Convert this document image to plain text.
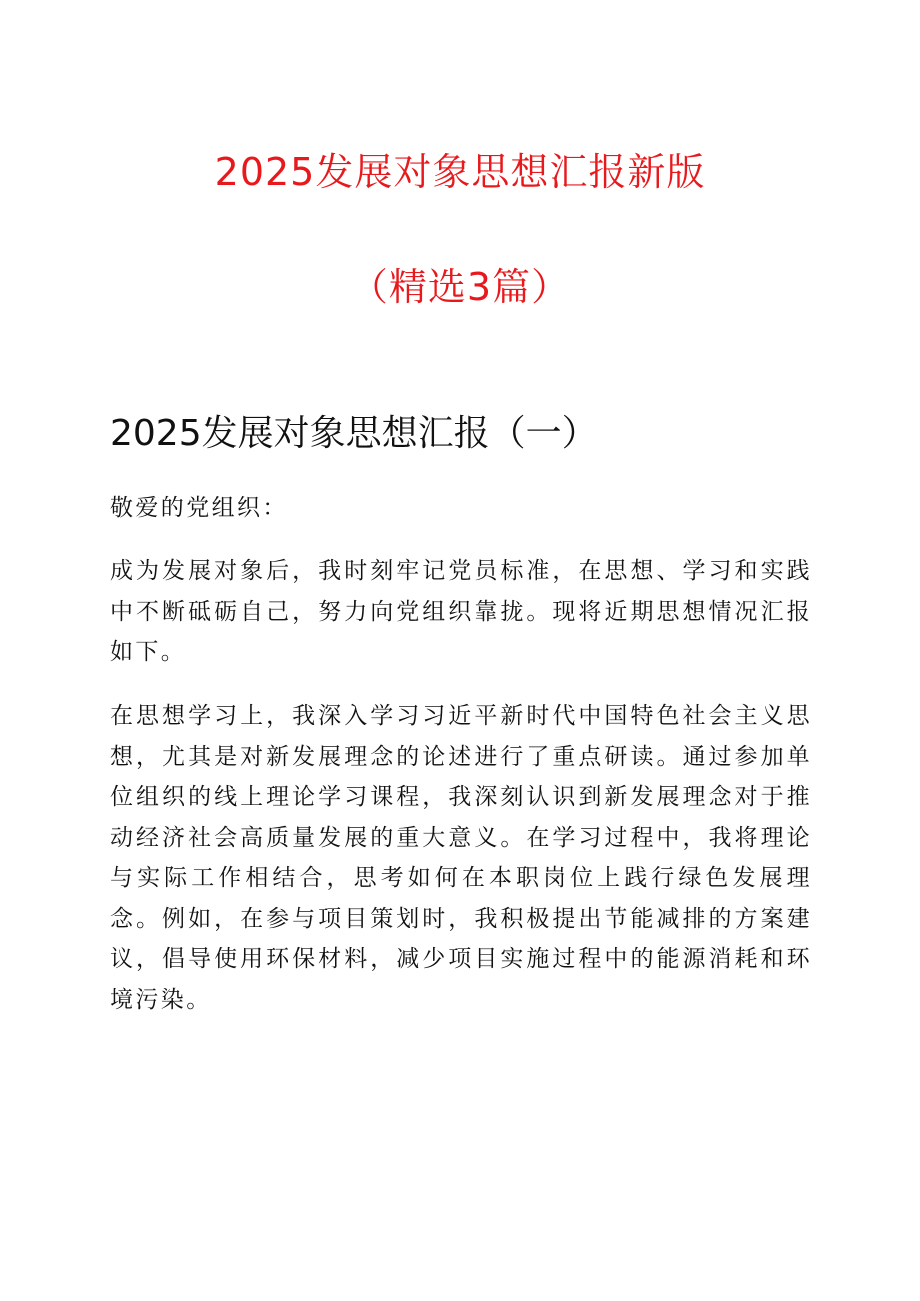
2025发展对象思想汇报新版
（精选3篇）
2025发展对象思想汇报（一）

敬爱的党组织：

成为发展对象后，我时刻牢记党员标准，在思想、学习和实践中不断砥砺自己，努力向党组织靠拢。现将近期思想情况汇报如下。

在思想学习上，我深入学习习近平新时代中国特色社会主义思想，尤其是对新发展理念的论述进行了重点研读。通过参加单位组织的线上理论学习课程，我深刻认识到新发展理念对于推动经济社会高质量发展的重大意义。在学习过程中，我将理论与实际工作相结合，思考如何在本职岗位上践行绿色发展理念。例如，在参与项目策划时，我积极提出节能减排的方案建议，倡导使用环保材料，减少项目实施过程中的能源消耗和环境污染。
